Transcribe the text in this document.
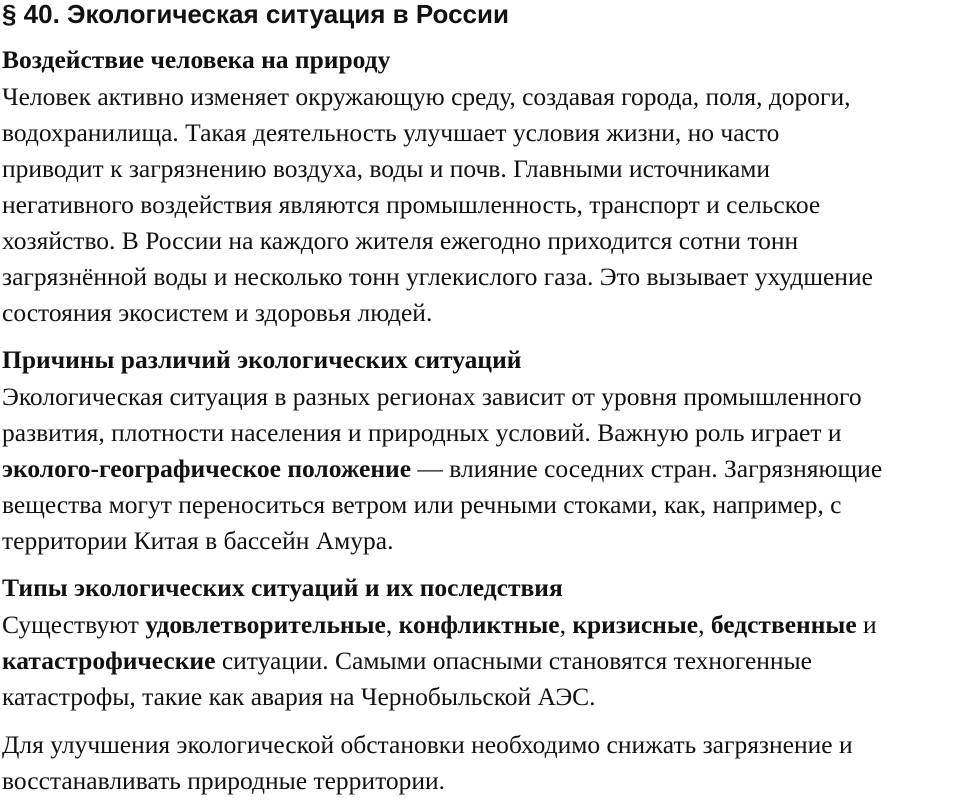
§ 40. Экологическая ситуация в России
Воздействие человека на природу

Человек активно изменяет окружающую среду, создавая города, поля, дороги,
водохранилища. Такая деятельность улучшает условия жизни, но часто
приводит к загрязнению воздуха, воды и почв. Главными источниками
негативного воздействия являются промышленность, транспорт и сельское
хозяйство. В России на каждого жителя ежегодно приходится сотни тонн
загрязнённой воды и несколько тонн углекислого газа. Это вызывает ухудшение
состояния экосистем и здоровья людей.

Причины различий экологических ситуаций

Экологическая ситуация в разных регионах зависит от уровня промышленного
развития, плотности населения и природных условий. Важную роль играет и
эколого-географическое положение — влияние соседних стран. Загрязняющие
вещества могут переноситься ветром или речными стоками, как, например, с
территории Китая в бассейн Амура.

Типы экологических ситуаций и их последствия

Существуют удовлетворительные, конфликтные, кризисные, бедственные и
катастрофические ситуации. Самыми опасными становятся техногенные
катастрофы, такие как авария на Чернобыльской АЭС.

Для улучшения экологической обстановки необходимо снижать загрязнение и
восстанавливать природные территории.
